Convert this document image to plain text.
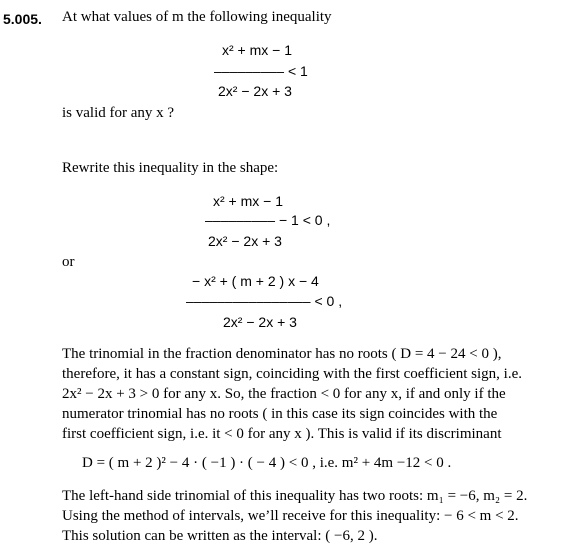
5.005. At what values of m the following inequality
x² + mx − 1
––––––––– < 1
2x² − 2x + 3
is valid for any x ?
Rewrite this inequality in the shape:
x² + mx − 1
––––––––– − 1 < 0 ,
2x² − 2x + 3
or
− x² + ( m + 2 ) x − 4
–––––––––––––––– < 0 ,
2x² − 2x + 3
The trinomial in the fraction denominator has no roots ( D = 4 − 24 < 0 ),
therefore, it has a constant sign, coinciding with the first coefficient sign, i.e.
2x² − 2x + 3 > 0 for any x. So, the fraction < 0 for any x, if and only if the
numerator trinomial has no roots ( in this case its sign coincides with the
first coefficient sign, i.e. it < 0 for any x ). This is valid if its discriminant
D = ( m + 2 )² − 4 · ( −1 ) · ( − 4 ) < 0 , i.e. m² + 4m −12 < 0 .
The left-hand side trinomial of this inequality has two roots: m₁ = −6, m₂ = 2.
Using the method of intervals, we’ll receive for this inequality: − 6 < m < 2.
This solution can be written as the interval: ( −6, 2 ).
